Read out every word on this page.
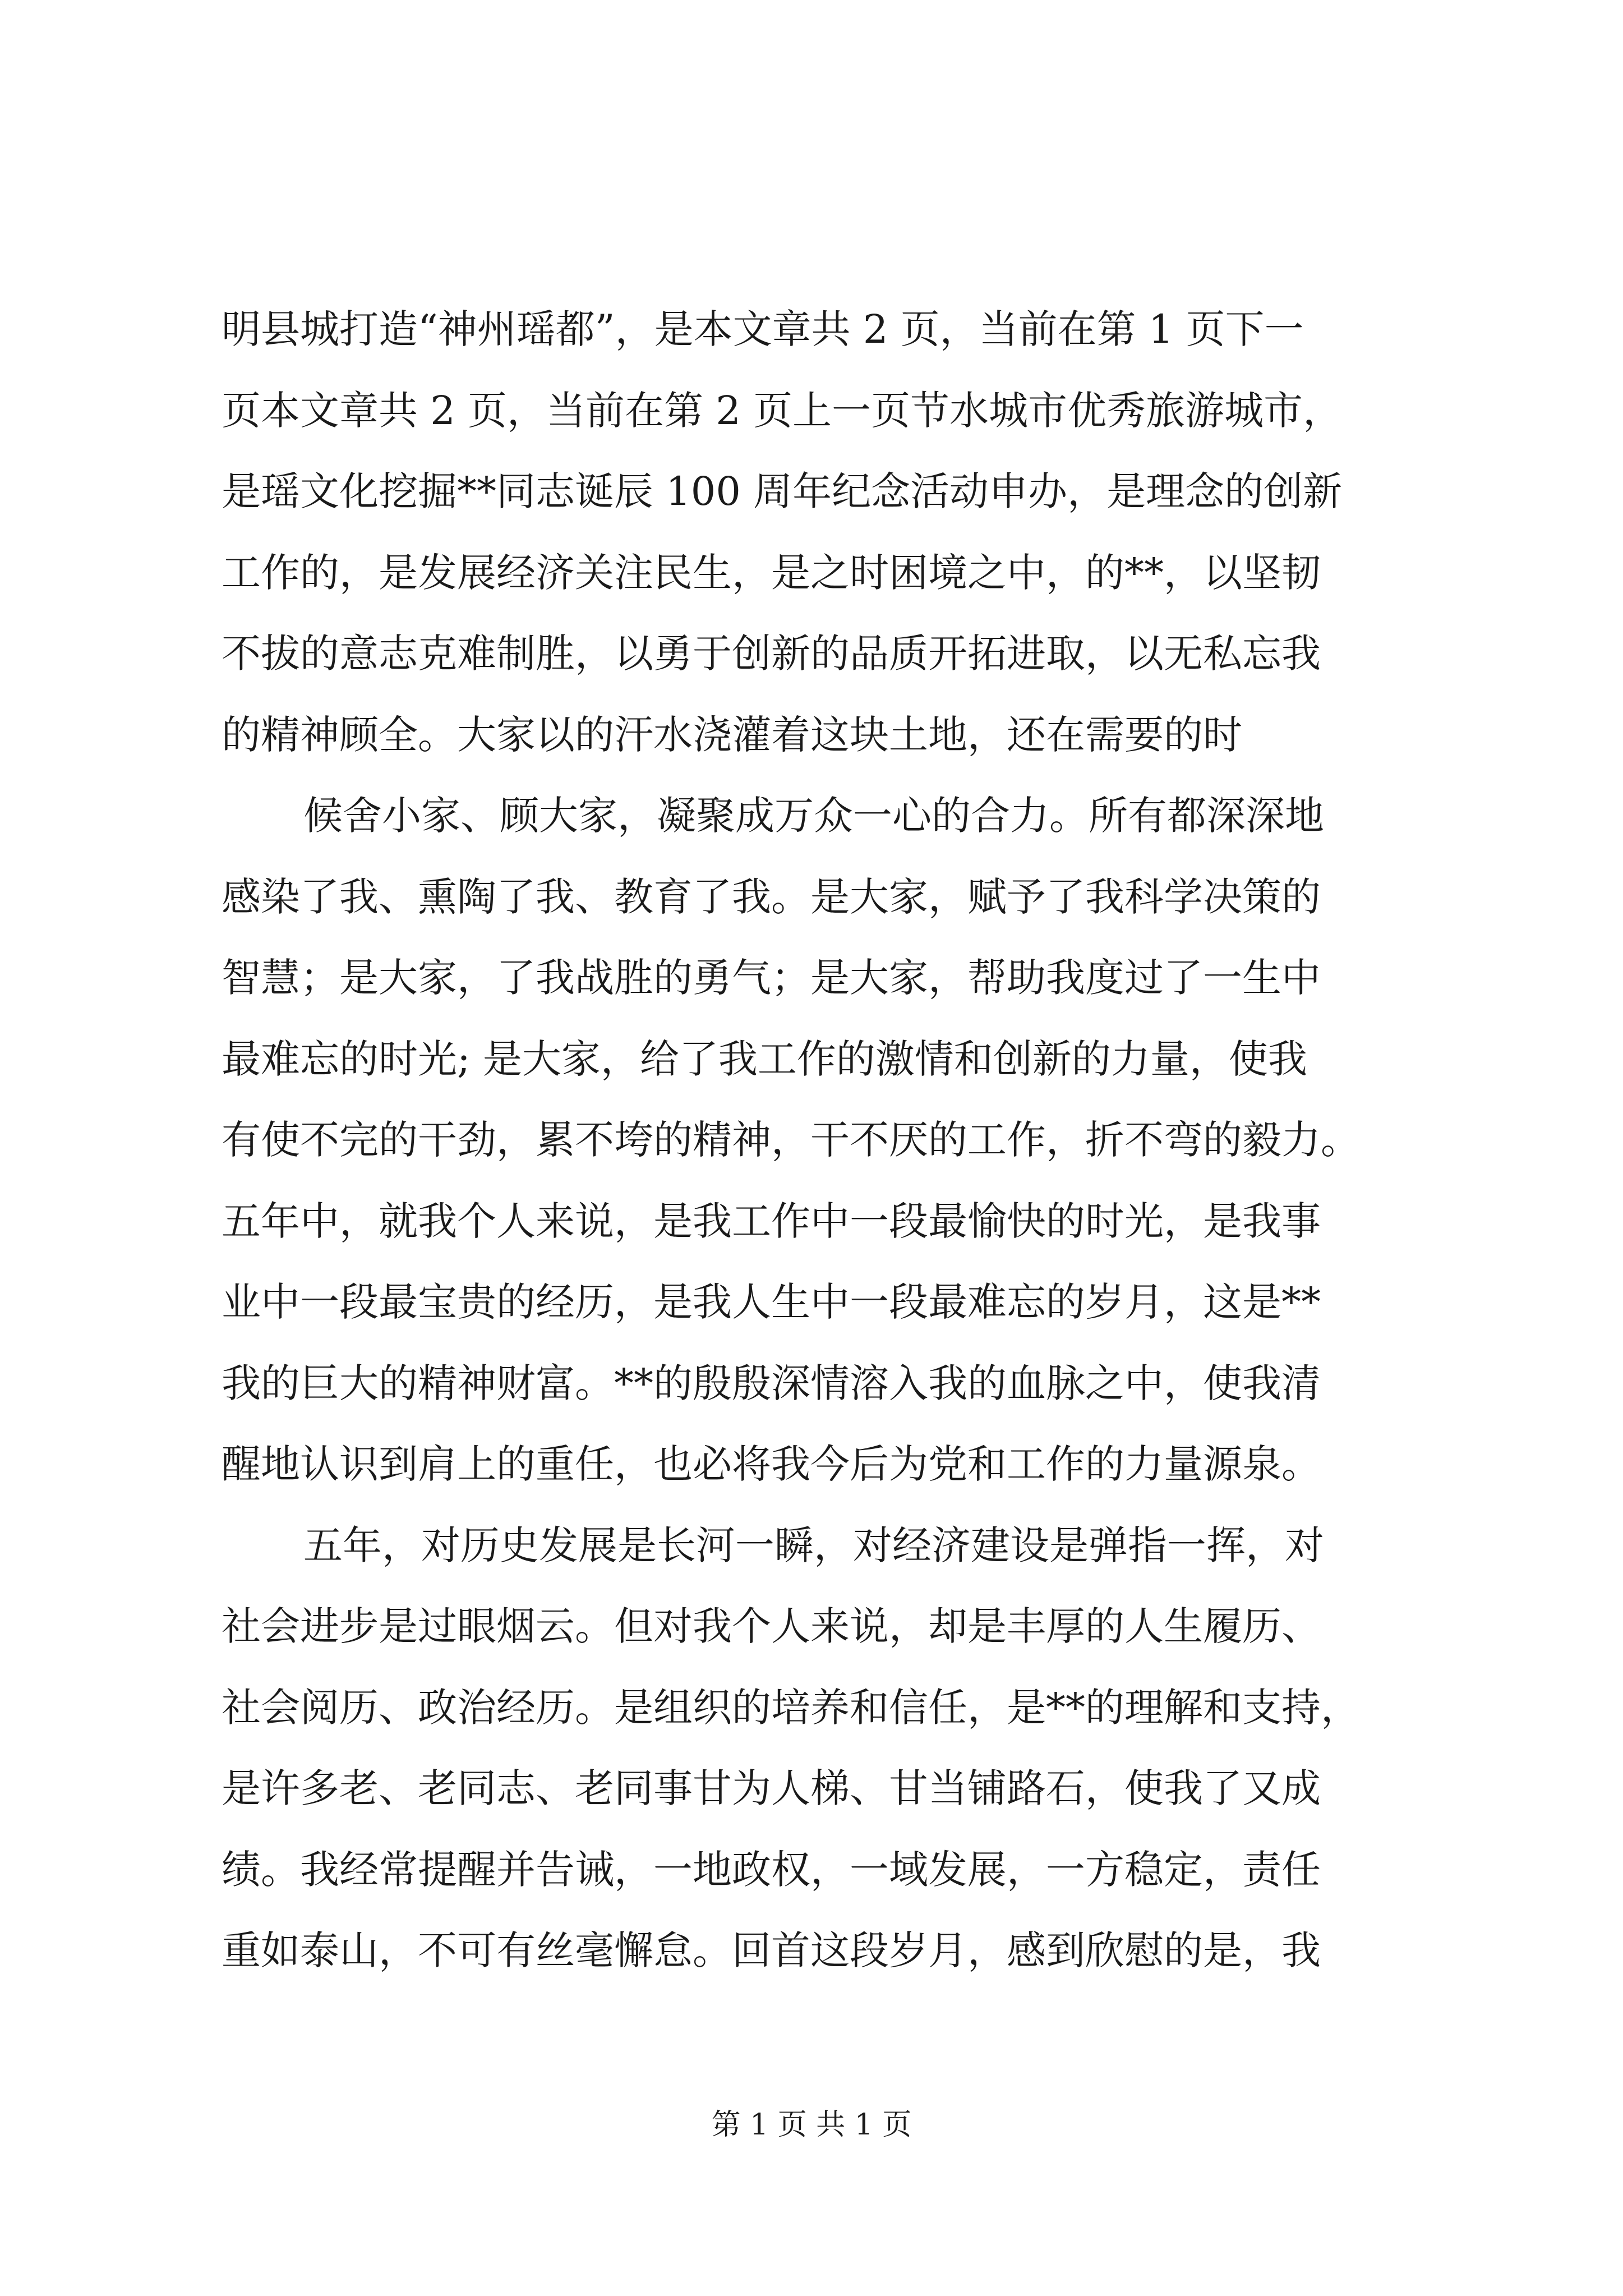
明县城打造“神州瑶都”，是本文章共 2 页，当前在第 1 页下一
页本文章共 2 页，当前在第 2 页上一页节水城市优秀旅游城市，
是瑶文化挖掘**同志诞辰 100 周年纪念活动申办，是理念的创新
工作的，是发展经济关注民生，是之时困境之中，的**，以坚韧
不拔的意志克难制胜，以勇于创新的品质开拓进取，以无私忘我
的精神顾全。大家以的汗水浇灌着这块土地，还在需要的时
候舍小家、顾大家，凝聚成万众一心的合力。所有都深深地
感染了我、熏陶了我、教育了我。是大家，赋予了我科学决策的
智慧；是大家，了我战胜的勇气；是大家，帮助我度过了一生中
最难忘的时光; 是大家，给了我工作的激情和创新的力量，使我
有使不完的干劲，累不垮的精神，干不厌的工作，折不弯的毅力。
五年中，就我个人来说，是我工作中一段最愉快的时光，是我事
业中一段最宝贵的经历，是我人生中一段最难忘的岁月，这是**
我的巨大的精神财富。**的殷殷深情溶入我的血脉之中，使我清
醒地认识到肩上的重任，也必将我今后为党和工作的力量源泉。
五年，对历史发展是长河一瞬，对经济建设是弹指一挥，对
社会进步是过眼烟云。但对我个人来说，却是丰厚的人生履历、
社会阅历、政治经历。是组织的培养和信任，是**的理解和支持，
是许多老、老同志、老同事甘为人梯、甘当铺路石，使我了又成
绩。我经常提醒并告诫，一地政权，一域发展，一方稳定，责任
重如泰山，不可有丝毫懈怠。回首这段岁月，感到欣慰的是，我
第 1 页 共 1 页
